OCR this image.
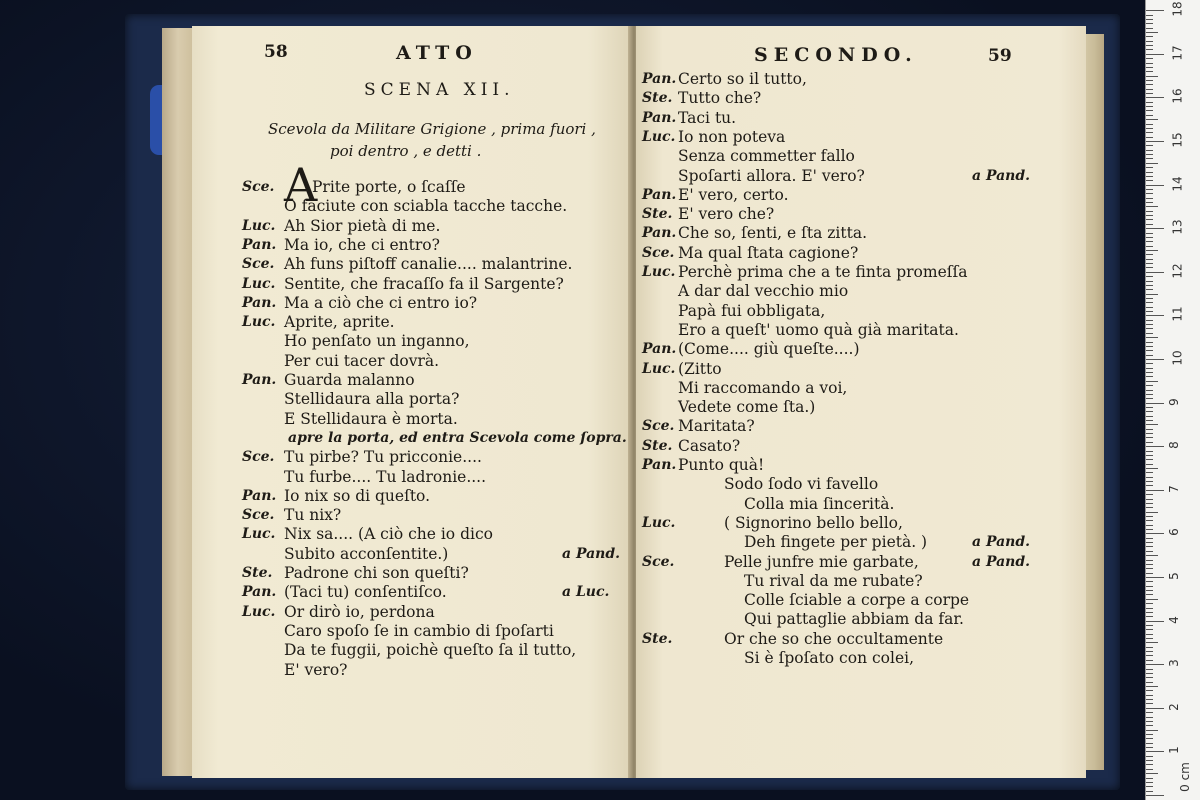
58	ATTO
SCENA XII.
Scevola da Militare Grigione , prima fuori ,
poi dentro , e detti .
A
Sce. Prite porte, o ſcaſſe
O faciute con sciabla tacche tacche.
Luc. Ah Sior pietà di me.
Pan. Ma io, che ci entro?
Sce. Ah funs piſtoff canalie.... malantrine.
Luc. Sentite, che fracaſſo fa il Sargente?
Pan. Ma a ciò che ci entro io?
Luc. Aprite, aprite.
Ho penſato un inganno,
Per cui tacer dovrà.
Pan. Guarda malanno
Stellidaura alla porta?
E Stellidaura è morta.
apre la porta, ed entra Scevola come ſopra.
Sce. Tu pirbe? Tu pricconie....
Tu furbe.... Tu ladronie....
Pan. Io nix so di queſto.
Sce. Tu nix?
Luc. Nix sa.... (A ciò che io dico
Subito acconſentite.)	a Pand.
Ste. Padrone chi son queſti?
Pan. (Taci tu) conſentiſco.	a Luc.
Luc. Or dirò io, perdona
Caro spoſo ſe in cambio di ſpoſarti
Da te fuggii, poichè queſto ſa il tutto,
E' vero?
SECONDO.	59
Pan. Certo so il tutto,
Ste. Tutto che?
Pan. Taci tu.
Luc. Io non poteva
Senza commetter fallo
Spoſarti allora. E' vero?	a Pand.
Pan. E' vero, certo.
Ste. E' vero che?
Pan. Che so, ſenti, e ſta zitta.
Sce. Ma qual ſtata cagione?
Luc. Perchè prima che a te finta promeſſa
A dar dal vecchio mio
Papà fui obbligata,
Ero a queſt' uomo quà già maritata.
Pan. (Come.... giù queſte....)
Luc. (Zitto
Mi raccomando a voi,
Vedete come ſta.)
Sce. Maritata?
Ste. Casato?
Pan. Punto quà!
Sodo ſodo vi favello
Colla mia ſincerità.
Luc.	( Signorino bello bello,
Deh fingete per pietà. )	a Pand.
Sce.	Pelle junfre mie garbate,	a Pand.
Tu rival da me rubate?
Colle ſciable a corpe a corpe
Qui pattaglie abbiam da far.
Ste.	Or che so che occultamente
Si è ſpoſato con colei,
0 cm
1
2
3
4
5
6
7
8
9
10
11
12
13
14
15
16
17
18
